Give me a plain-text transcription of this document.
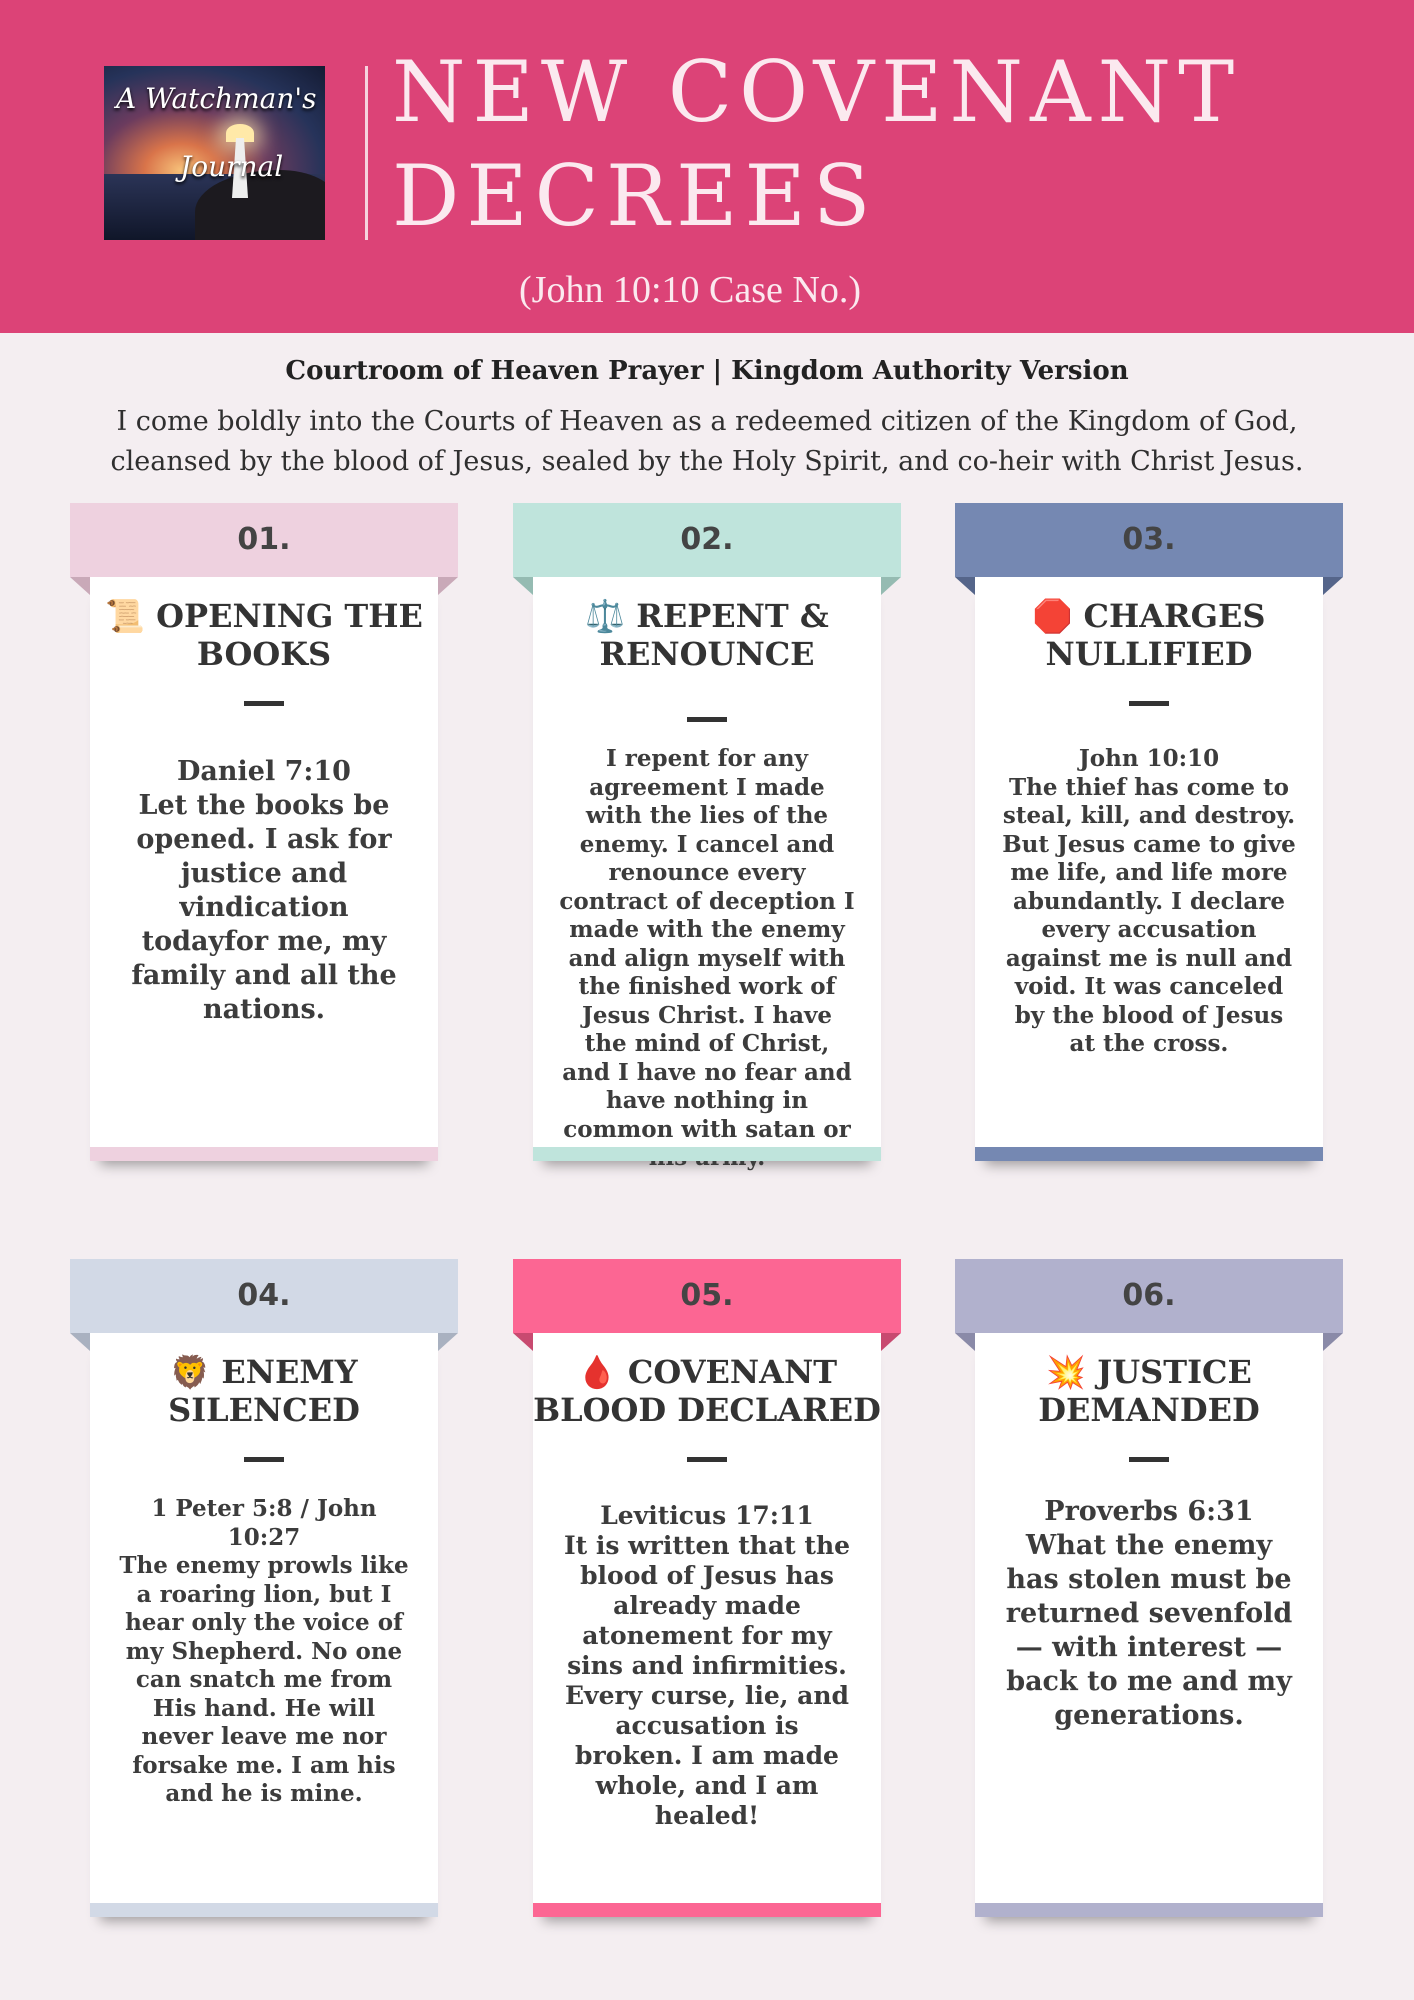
A Watchman's
Journal
NEW COVENANT
DECREES
(John 10:10 Case No.)
Courtroom of Heaven Prayer | Kingdom Authority Version
I come boldly into the Courts of Heaven as a redeemed citizen of the Kingdom of God, cleansed by the blood of Jesus, sealed by the Holy Spirit, and co-heir with Christ Jesus.
01.
📜 OPENING THE
BOOKS
Daniel 7:10
Let the books be opened. I ask for justice and vindication todayfor me, my family and all the nations.
02.
⚖️ REPENT &
RENOUNCE
I repent for any agreement I made with the lies of the enemy. I cancel and renounce every contract of deception I made with the enemy and align myself with the finished work of Jesus Christ. I have the mind of Christ, and I have no fear and have nothing in common with satan or
03.
🛑 CHARGES
NULLIFIED
John 10:10
The thief has come to steal, kill, and destroy. But Jesus came to give me life, and life more abundantly. I declare every accusation against me is null and void. It was canceled by the blood of Jesus at the cross.
04.
🦁 ENEMY
SILENCED
1 Peter 5:8 / John 10:27
The enemy prowls like a roaring lion, but I hear only the voice of my Shepherd. No one can snatch me from His hand. He will never leave me nor forsake me. I am his and he is mine.
05.
🩸 COVENANT
BLOOD DECLARED
Leviticus 17:11
It is written that the blood of Jesus has already made atonement for my sins and infirmities. Every curse, lie, and accusation is broken. I am made whole, and I am healed!
06.
💥 JUSTICE
DEMANDED
Proverbs 6:31
What the enemy has stolen must be returned sevenfold — with interest — back to me and my generations.
